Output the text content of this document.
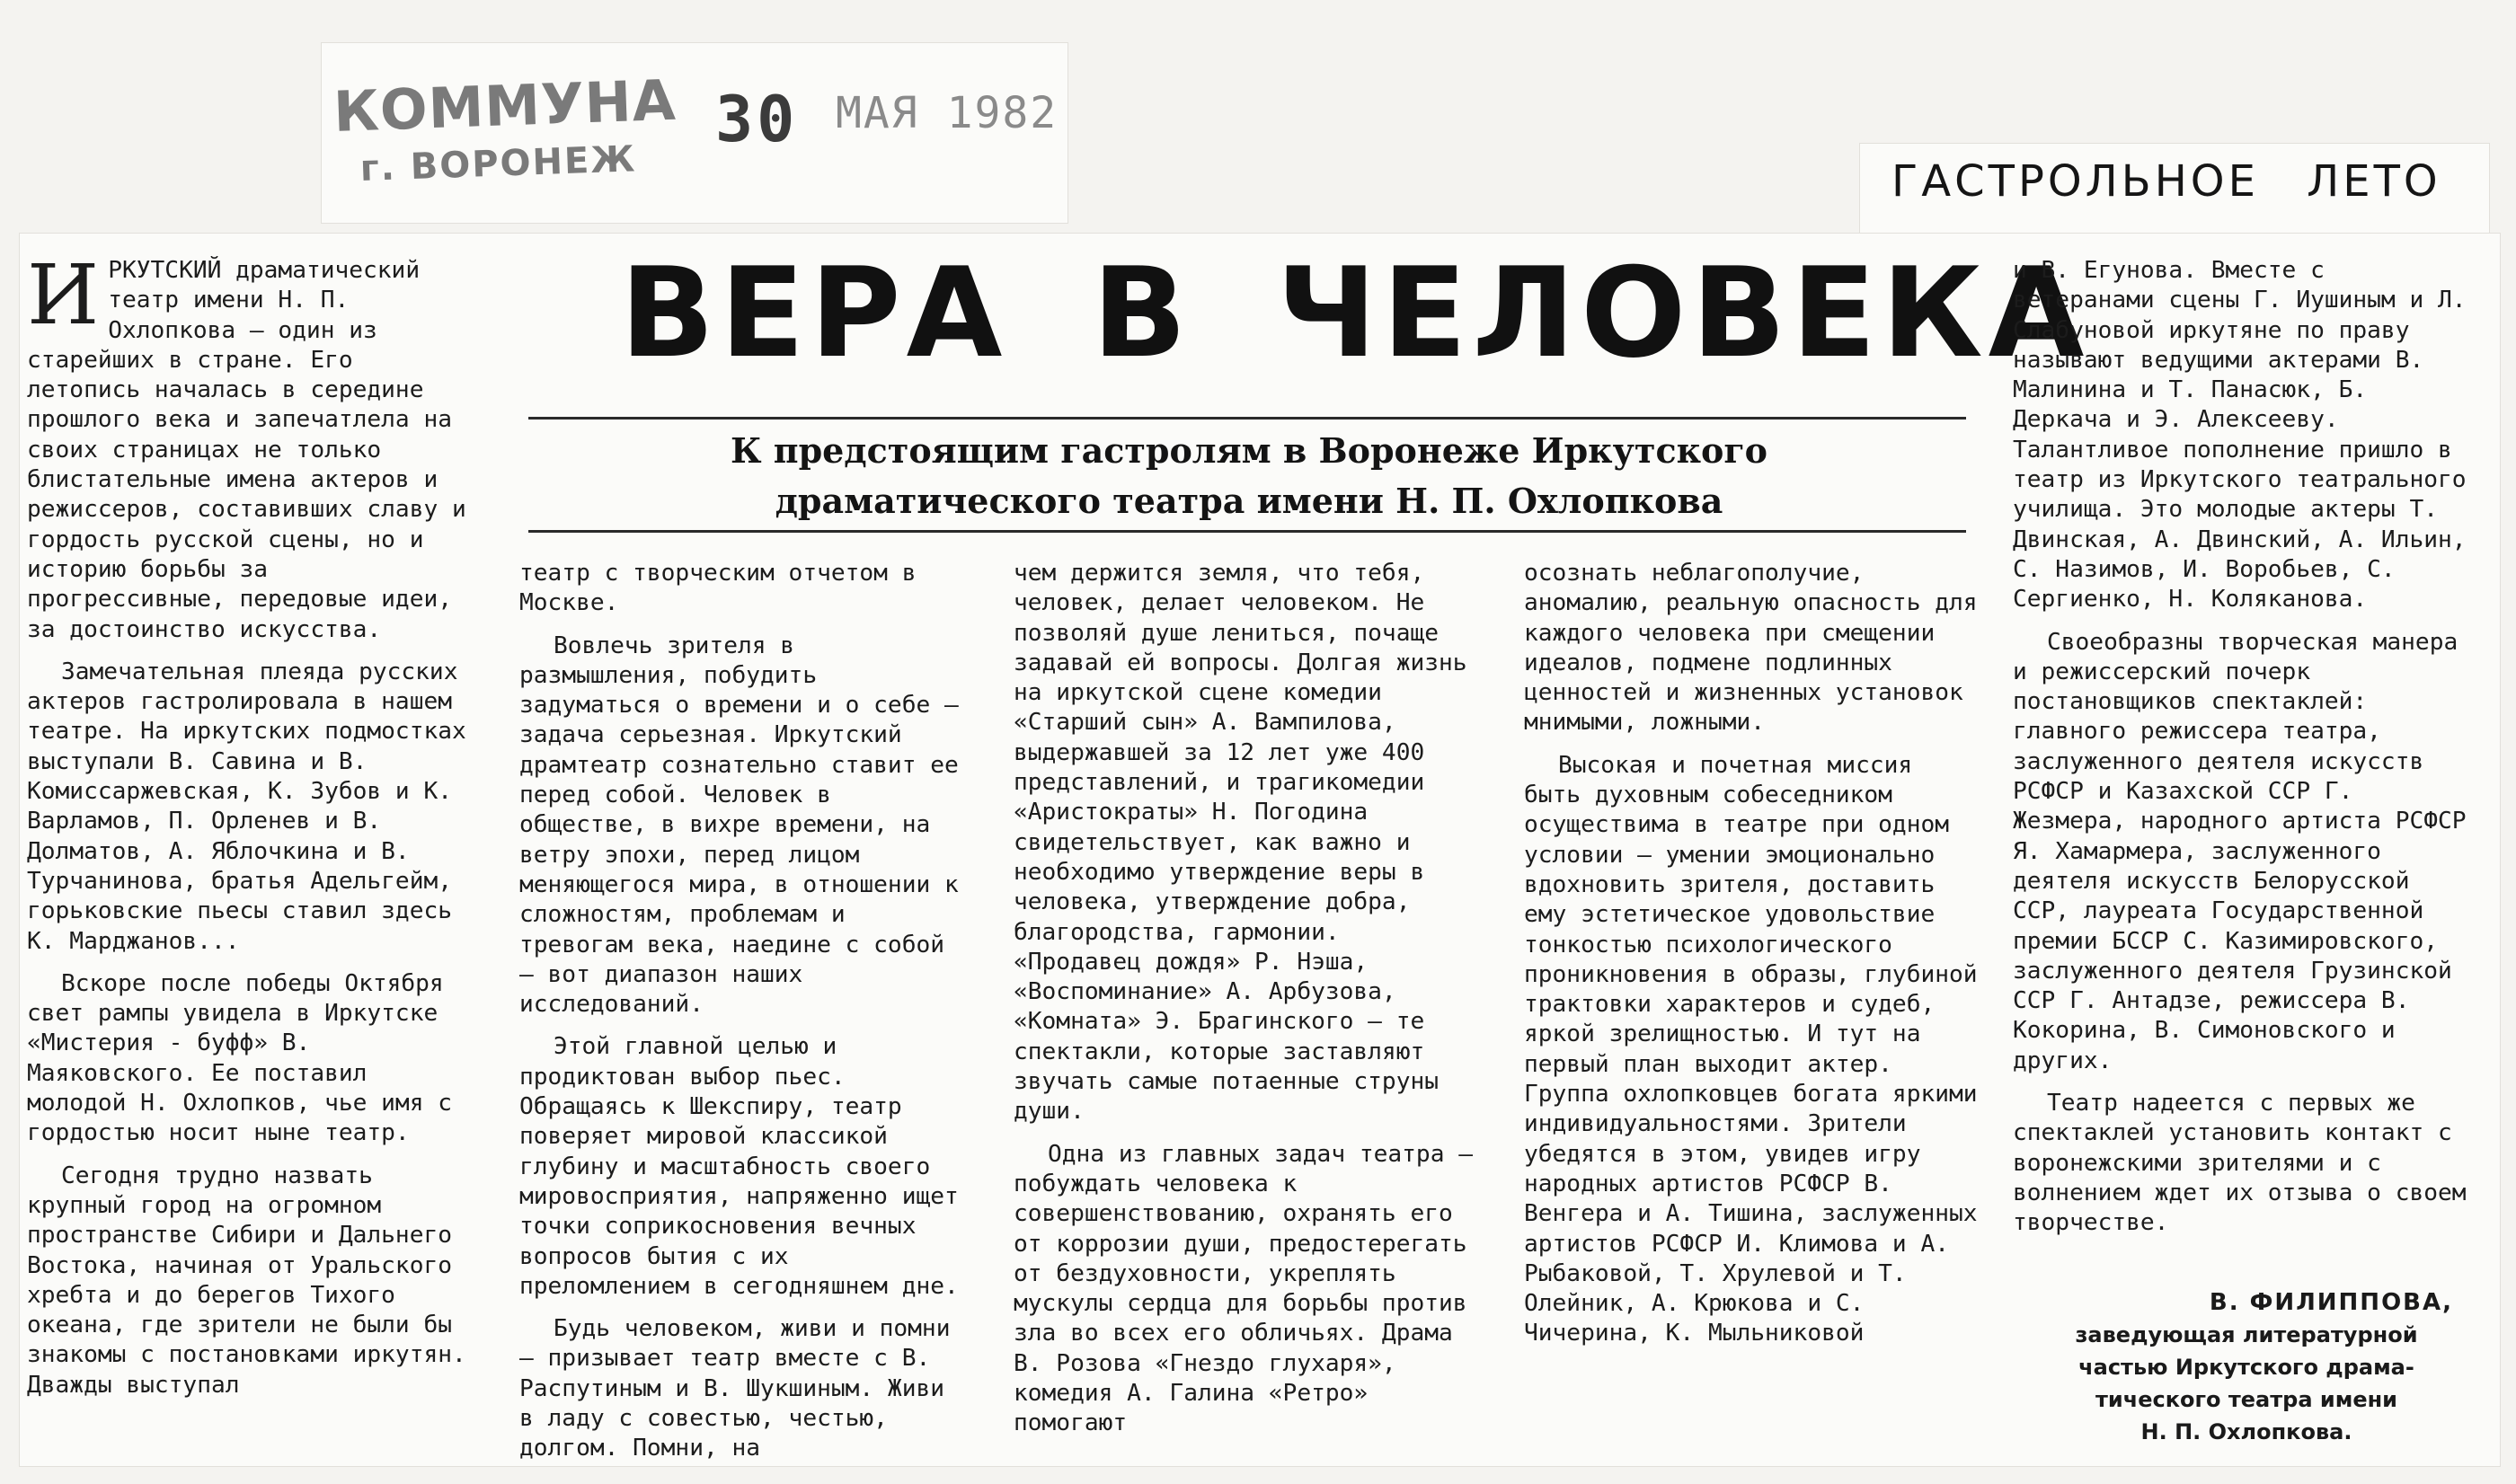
КОММУНА
г. ВОРОНЕЖ
30 МАЯ 1982
ГАСТРОЛЬНОЕ ЛЕТО
ВЕРА В ЧЕЛОВЕКА
К предстоящим гастролям в Воронеже Иркутского
драматического театра имени Н. П. Охлопкова

ИРКУТСКИЙ драматический театр имени Н. П. Охлопкова — один из старейших в стране. Его летопись началась в середине прошлого века и запечатлела на своих страницах не только блистательные имена актеров и режиссеров, составивших славу и гордость русской сцены, но и историю борьбы за прогрессивные, передовые идеи, за достоинство искусства.

Замечательная плеяда русских актеров гастролировала в нашем театре. На иркутских подмостках выступали В. Савина и В. Комиссаржевская, К. Зубов и К. Варламов, П. Орленев и В. Долматов, А. Яблочкина и В. Турчанинова, братья Адельгейм, горьковские пьесы ставил здесь К. Марджанов...

Вскоре после победы Октября свет рампы увидела в Иркутске «Мистерия - буфф» В. Маяковского. Ее поставил молодой Н. Охлопков, чье имя с гордостью носит ныне театр.

Сегодня трудно назвать крупный город на огромном пространстве Сибири и Дальнего Востока, начиная от Уральского хребта и до берегов Тихого океана, где зрители не были бы знакомы с постановками иркутян. Дважды выступал

театр с творческим отчетом в Москве.

Вовлечь зрителя в размышления, побудить задуматься о времени и о себе — задача серьезная. Иркутский драмтеатр сознательно ставит ее перед собой. Человек в обществе, в вихре времени, на ветру эпохи, перед лицом меняющегося мира, в отношении к сложностям, проблемам и тревогам века, наедине с собой — вот диапазон наших исследований.

Этой главной целью и продиктован выбор пьес. Обращаясь к Шекспиру, театр поверяет мировой классикой глубину и масштабность своего мировосприятия, напряженно ищет точки соприкосновения вечных вопросов бытия с их преломлением в сегодняшнем дне.

Будь человеком, живи и помни — призывает театр вместе с В. Распутиным и В. Шукшиным. Живи в ладу с совестью, честью, долгом. Помни, на

чем держится земля, что тебя, человек, делает человеком. Не позволяй душе лениться, почаще задавай ей вопросы. Долгая жизнь на иркутской сцене комедии «Старший сын» А. Вампилова, выдержавшей за 12 лет уже 400 представлений, и трагикомедии «Аристократы» Н. Погодина свидетельствует, как важно и необходимо утверждение веры в человека, утверждение добра, благородства, гармонии. «Продавец дождя» Р. Нэша, «Воспоминание» А. Арбузова, «Комната» Э. Брагинского — те спектакли, которые заставляют звучать самые потаенные струны души.

Одна из главных задач театра — побуждать человека к совершенствованию, охранять его от коррозии души, предостерегать от бездуховности, укреплять мускулы сердца для борьбы против зла во всех его обличьях. Драма В. Розова «Гнездо глухаря», комедия А. Галина «Ретро» помогают

осознать неблагополучие, аномалию, реальную опасность для каждого человека при смещении идеалов, подмене подлинных ценностей и жизненных установок мнимыми, ложными.

Высокая и почетная миссия быть духовным собеседником осуществима в театре при одном условии — умении эмоционально вдохновить зрителя, доставить ему эстетическое удовольствие тонкостью психологического проникновения в образы, глубиной трактовки характеров и судеб, яркой зрелищностью. И тут на первый план выходит актер. Группа охлопковцев богата яркими индивидуальностями. Зрители убедятся в этом, увидев игру народных артистов РСФСР В. Венгера и А. Тишина, заслуженных артистов РСФСР И. Климова и А. Рыбаковой, Т. Хрулевой и Т. Олейник, А. Крюкова и С. Чичерина, К. Мыльниковой

и В. Егунова. Вместе с ветеранами сцены Г. Иушиным и Л. Слабуновой иркутяне по праву называют ведущими актерами В. Малинина и Т. Панасюк, Б. Деркача и Э. Алексееву. Талантливое пополнение пришло в театр из Иркутского театрального училища. Это молодые актеры Т. Двинская, А. Двинский, А. Ильин, С. Назимов, И. Воробьев, С. Сергиенко, Н. Коляканова.

Своеобразны творческая манера и режиссерский почерк постановщиков спектаклей: главного режиссера театра, заслуженного деятеля искусств РСФСР и Казахской ССР Г. Жезмера, народного артиста РСФСР Я. Хамармера, заслуженного деятеля искусств Белорусской ССР, лауреата Государственной премии БССР С. Казимировского, заслуженного деятеля Грузинской ССР Г. Антадзе, режиссера В. Кокорина, В. Симоновского и других.

Театр надеется с первых же спектаклей установить контакт с воронежскими зрителями и с волнением ждет их отзыва о своем творчестве.

В. ФИЛИППОВА,
заведующая литературной
частью Иркутского драма-
тического театра имени
Н. П. Охлопкова.
